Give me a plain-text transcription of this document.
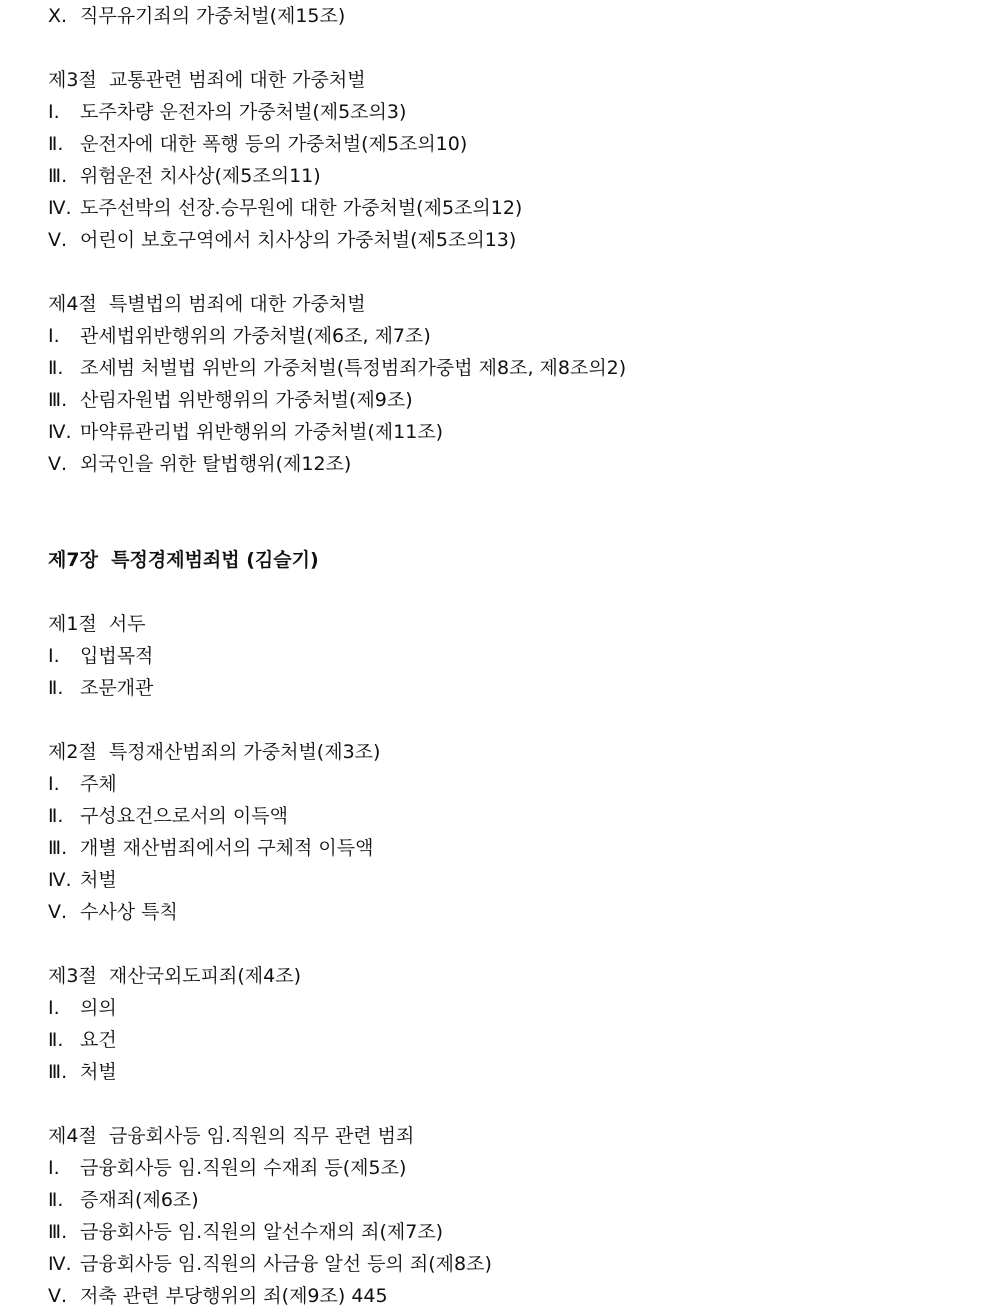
Ⅹ. 직무유기죄의 가중처벌(제15조)
제3절  교통관련 범죄에 대한 가중처벌
Ⅰ. 도주차량 운전자의 가중처벌(제5조의3)
Ⅱ. 운전자에 대한 폭행 등의 가중처벌(제5조의10)
Ⅲ. 위험운전 치사상(제5조의11)
Ⅳ. 도주선박의 선장.승무원에 대한 가중처벌(제5조의12)
Ⅴ. 어린이 보호구역에서 치사상의 가중처벌(제5조의13)
제4절  특별법의 범죄에 대한 가중처벌
Ⅰ. 관세법위반행위의 가중처벌(제6조, 제7조)
Ⅱ. 조세범 처벌법 위반의 가중처벌(특정범죄가중법 제8조, 제8조의2)
Ⅲ. 산림자원법 위반행위의 가중처벌(제9조)
Ⅳ. 마약류관리법 위반행위의 가중처벌(제11조)
Ⅴ. 외국인을 위한 탈법행위(제12조)
제7장  특정경제범죄법 (김슬기)
제1절  서두
Ⅰ. 입법목적
Ⅱ. 조문개관
제2절  특정재산범죄의 가중처벌(제3조)
Ⅰ. 주체
Ⅱ. 구성요건으로서의 이득액
Ⅲ. 개별 재산범죄에서의 구체적 이득액
Ⅳ. 처벌
Ⅴ. 수사상 특칙
제3절  재산국외도피죄(제4조)
Ⅰ. 의의
Ⅱ. 요건
Ⅲ. 처벌
제4절  금융회사등 임.직원의 직무 관련 범죄
Ⅰ. 금융회사등 임.직원의 수재죄 등(제5조)
Ⅱ. 증재죄(제6조)
Ⅲ. 금융회사등 임.직원의 알선수재의 죄(제7조)
Ⅳ. 금융회사등 임.직원의 사금융 알선 등의 죄(제8조)
Ⅴ. 저축 관련 부당행위의 죄(제9조) 445
